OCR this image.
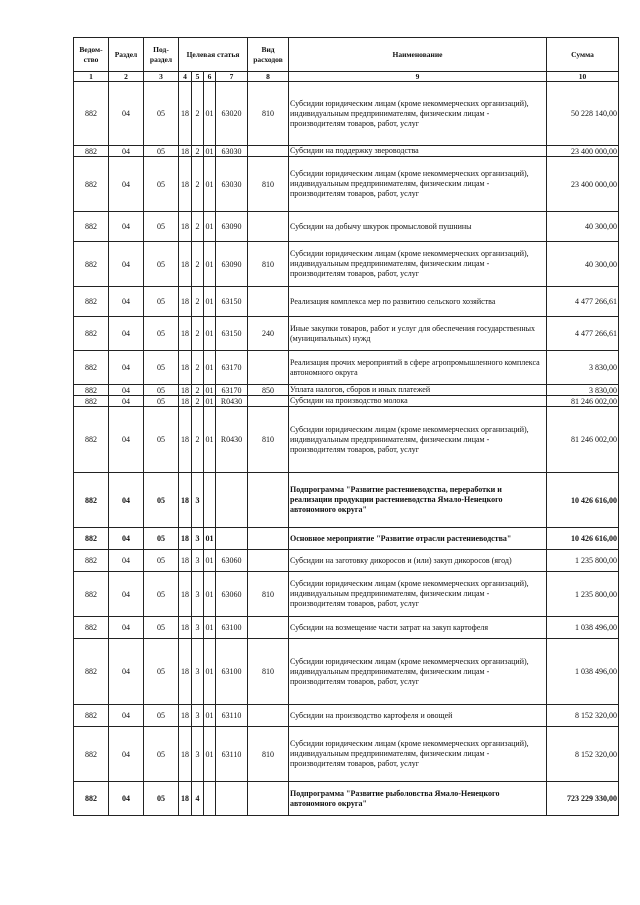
Ведом-ство	Раздел	Под-раздел	Целевая статья				Вид расходов	Наименование	Сумма
1	2	3	4	5	6	7	8	9	10
882	04	05	18	2	01	63020	810	Субсидии юридическим лицам (кроме некоммерческих организаций), индивидуальным предпринимателям, физическим лицам - производителям товаров, работ, услуг	50 228 140,00
882	04	05	18	2	01	63030		Субсидии на поддержку звероводства	23 400 000,00
882	04	05	18	2	01	63030	810	Субсидии юридическим лицам (кроме некоммерческих организаций), индивидуальным предпринимателям, физическим лицам - производителям товаров, работ, услуг	23 400 000,00
882	04	05	18	2	01	63090		Субсидии на добычу шкурок промысловой пушнины	40 300,00
882	04	05	18	2	01	63090	810	Субсидии юридическим лицам (кроме некоммерческих организаций), индивидуальным предпринимателям, физическим лицам - производителям товаров, работ, услуг	40 300,00
882	04	05	18	2	01	63150		Реализация комплекса мер по развитию сельского хозяйства	4 477 266,61
882	04	05	18	2	01	63150	240	Иные закупки товаров, работ и услуг для обеспечения государственных (муниципальных) нужд	4 477 266,61
882	04	05	18	2	01	63170		Реализация прочих мероприятий в сфере агропромышленного комплекса автономного округа	3 830,00
882	04	05	18	2	01	63170	850	Уплата налогов, сборов и иных платежей	3 830,00
882	04	05	18	2	01	R0430		Субсидии на производство молока	81 246 002,00
882	04	05	18	2	01	R0430	810	Субсидии юридическим лицам (кроме некоммерческих организаций), индивидуальным предпринимателям, физическим лицам - производителям товаров, работ, услуг	81 246 002,00
882	04	05	18	3				Подпрограмма "Развитие растениеводства, переработки и реализации продукции растениеводства Ямало-Ненецкого автономного округа"	10 426 616,00
882	04	05	18	3	01			Основное мероприятие "Развитие отрасли растениеводства"	10 426 616,00
882	04	05	18	3	01	63060		Субсидии на заготовку дикоросов и (или) закуп дикоросов (ягод)	1 235 800,00
882	04	05	18	3	01	63060	810	Субсидии юридическим лицам (кроме некоммерческих организаций), индивидуальным предпринимателям, физическим лицам - производителям товаров, работ, услуг	1 235 800,00
882	04	05	18	3	01	63100		Субсидии на возмещение части затрат на закуп картофеля	1 038 496,00
882	04	05	18	3	01	63100	810	Субсидии юридическим лицам (кроме некоммерческих организаций), индивидуальным предпринимателям, физическим лицам - производителям товаров, работ, услуг	1 038 496,00
882	04	05	18	3	01	63110		Субсидии на производство картофеля и овощей	8 152 320,00
882	04	05	18	3	01	63110	810	Субсидии юридическим лицам (кроме некоммерческих организаций), индивидуальным предпринимателям, физическим лицам - производителям товаров, работ, услуг	8 152 320,00
882	04	05	18	4				Подпрограмма "Развитие рыболовства Ямало-Ненецкого автономного округа"	723 229 330,00
